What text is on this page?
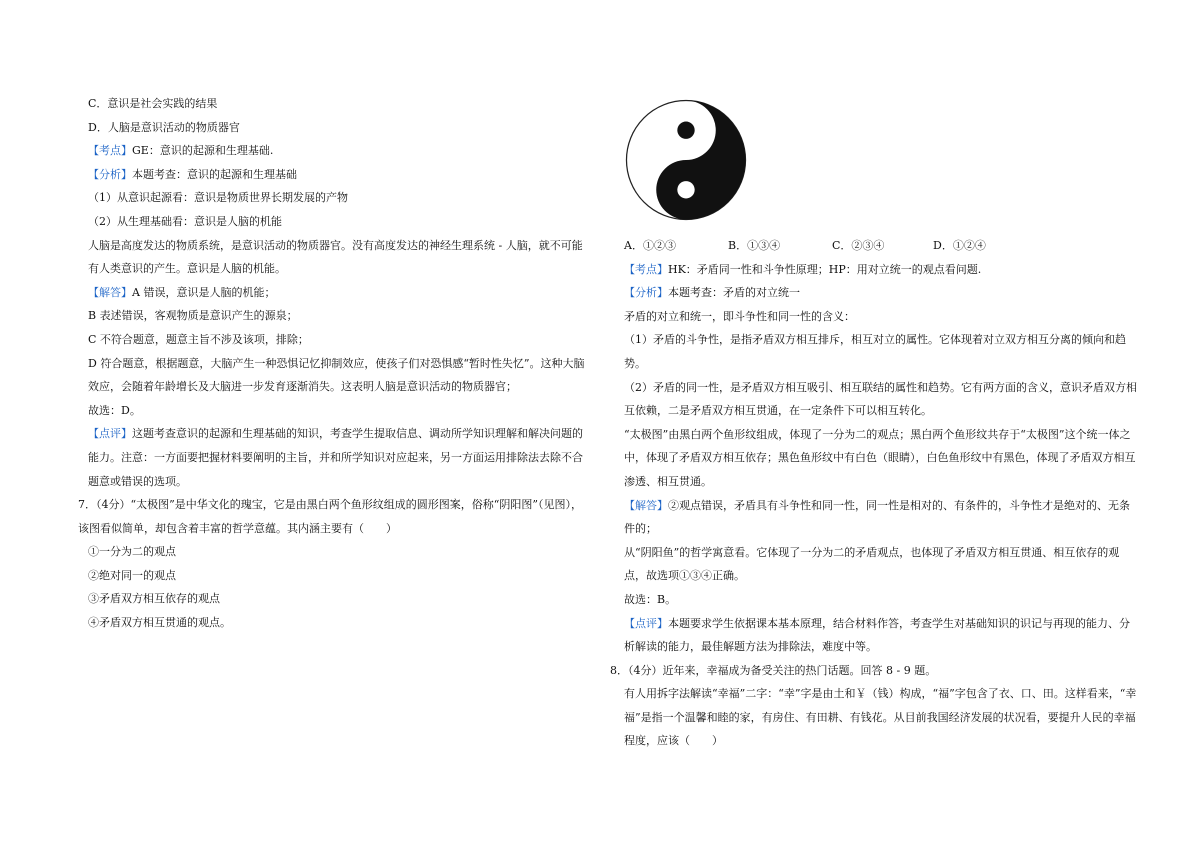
C．意识是社会实践的结果

D．人脑是意识活动的物质器官

【考点】GE：意识的起源和生理基础.

【分析】本题考查：意识的起源和生理基础

（1）从意识起源看：意识是物质世界长期发展的产物

（2）从生理基础看：意识是人脑的机能

人脑是高度发达的物质系统，是意识活动的物质器官。没有高度发达的神经生理系统 - 人脑，就不可能有人类意识的产生。意识是人脑的机能。

【解答】A 错误，意识是人脑的机能；

B 表述错误，客观物质是意识产生的源泉；

C 不符合题意，题意主旨不涉及该项，排除；

D 符合题意，根据题意，大脑产生一种恐惧记忆抑制效应，使孩子们对恐惧感“暂时性失忆”。这种大脑效应，会随着年龄增长及大脑进一步发育逐渐消失。这表明人脑是意识活动的物质器官；

故选：D。

【点评】这题考查意识的起源和生理基础的知识，考查学生提取信息、调动所学知识理解和解决问题的能力。注意：一方面要把握材料要阐明的主旨，并和所学知识对应起来，另一方面运用排除法去除不合题意或错误的选项。

7．（4分）“太极图”是中华文化的瑰宝，它是由黑白两个鱼形纹组成的圆形图案，俗称“阴阳图”（见图），该图看似简单，却包含着丰富的哲学意蕴。其内涵主要有（　　）

①一分为二的观点

②绝对同一的观点

③矛盾双方相互依存的观点

④矛盾双方相互贯通的观点。

A．①②③	B．①③④	C．②③④	D．①②④

【考点】HK：矛盾同一性和斗争性原理；HP：用对立统一的观点看问题.

【分析】本题考查：矛盾的对立统一

矛盾的对立和统一，即斗争性和同一性的含义：

（1）矛盾的斗争性，是指矛盾双方相互排斥，相互对立的属性。它体现着对立双方相互分离的倾向和趋势。

（2）矛盾的同一性，是矛盾双方相互吸引、相互联结的属性和趋势。它有两方面的含义，意识矛盾双方相互依赖，二是矛盾双方相互贯通，在一定条件下可以相互转化。

“太极图”由黑白两个鱼形纹组成，体现了一分为二的观点；黑白两个鱼形纹共存于“太极图”这个统一体之中，体现了矛盾双方相互依存；黑色鱼形纹中有白色（眼睛），白色鱼形纹中有黑色，体现了矛盾双方相互渗透、相互贯通。

【解答】②观点错误，矛盾具有斗争性和同一性，同一性是相对的、有条件的，斗争性才是绝对的、无条件的；

从“阴阳鱼”的哲学寓意看。它体现了一分为二的矛盾观点，也体现了矛盾双方相互贯通、相互依存的观点，故选项①③④正确。

故选：B。

【点评】本题要求学生依据课本基本原理，结合材料作答，考查学生对基础知识的识记与再现的能力、分析解读的能力，最佳解题方法为排除法，难度中等。

8．（4分）近年来，幸福成为备受关注的热门话题。回答 8 - 9 题。

有人用拆字法解读“幸福”二字：“幸”字是由土和￥（钱）构成，“福”字包含了衣、口、田。这样看来，“幸福”是指一个温馨和睦的家，有房住、有田耕、有钱花。从目前我国经济发展的状况看，要提升人民的幸福程度，应该（　　）
